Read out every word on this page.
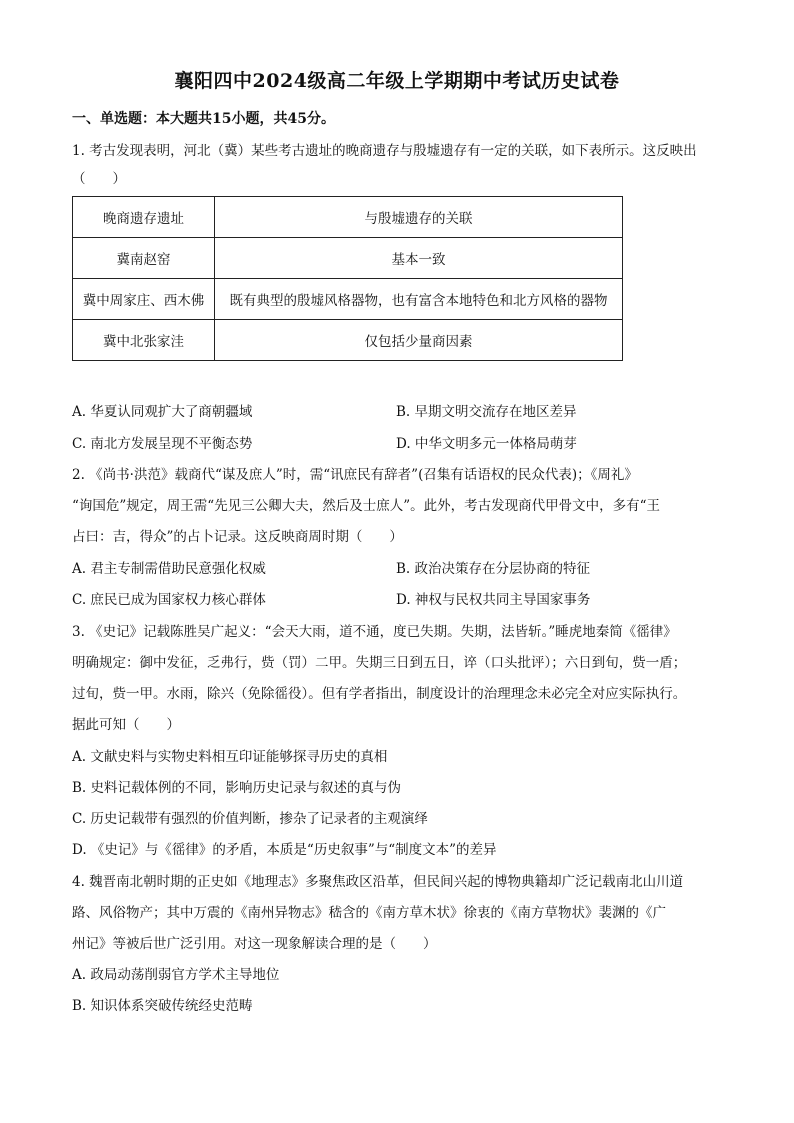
襄阳四中2024级高二年级上学期期中考试历史试卷
一、单选题：本大题共15小题，共45分。
1. 考古发现表明，河北（冀）某些考古遗址的晚商遗存与殷墟遗存有一定的关联，如下表所示。这反映出
（　　）
晚商遗存遗址	与殷墟遗存的关联
冀南赵窑	基本一致
冀中周家庄、西木佛	既有典型的殷墟风格器物，也有富含本地特色和北方风格的器物
冀中北张家洼	仅包括少量商因素
A. 华夏认同观扩大了商朝疆域	B. 早期文明交流存在地区差异
C. 南北方发展呈现不平衡态势	D. 中华文明多元一体格局萌芽
2. 《尚书·洪范》载商代“谋及庶人”时，需“讯庶民有辞者”(召集有话语权的民众代表)；《周礼》
“询国危”规定，周王需“先见三公卿大夫，然后及士庶人”。此外，考古发现商代甲骨文中，多有“王
占曰：吉，得众”的占卜记录。这反映商周时期（　　）
A. 君主专制需借助民意强化权威	B. 政治决策存在分层协商的特征
C. 庶民已成为国家权力核心群体	D. 神权与民权共同主导国家事务
3. 《史记》记载陈胜吴广起义：“会天大雨，道不通，度已失期。失期，法皆斩。”睡虎地秦简《徭律》
明确规定：御中发征，乏弗行，赀（罚）二甲。失期三日到五日，谇（口头批评）；六日到旬，赀一盾；
过旬，赀一甲。水雨，除兴（免除徭役）。但有学者指出，制度设计的治理理念未必完全对应实际执行。
据此可知（　　）
A. 文献史料与实物史料相互印证能够探寻历史的真相
B. 史料记载体例的不同，影响历史记录与叙述的真与伪
C. 历史记载带有强烈的价值判断，掺杂了记录者的主观演绎
D. 《史记》与《徭律》的矛盾，本质是“历史叙事”与“制度文本”的差异
4. 魏晋南北朝时期的正史如《地理志》多聚焦政区沿革，但民间兴起的博物典籍却广泛记载南北山川道
路、风俗物产；其中万震的《南州异物志》嵇含的《南方草木状》徐衷的《南方草物状》裴渊的《广
州记》等被后世广泛引用。对这一现象解读合理的是（　　）
A. 政局动荡削弱官方学术主导地位
B. 知识体系突破传统经史范畴
